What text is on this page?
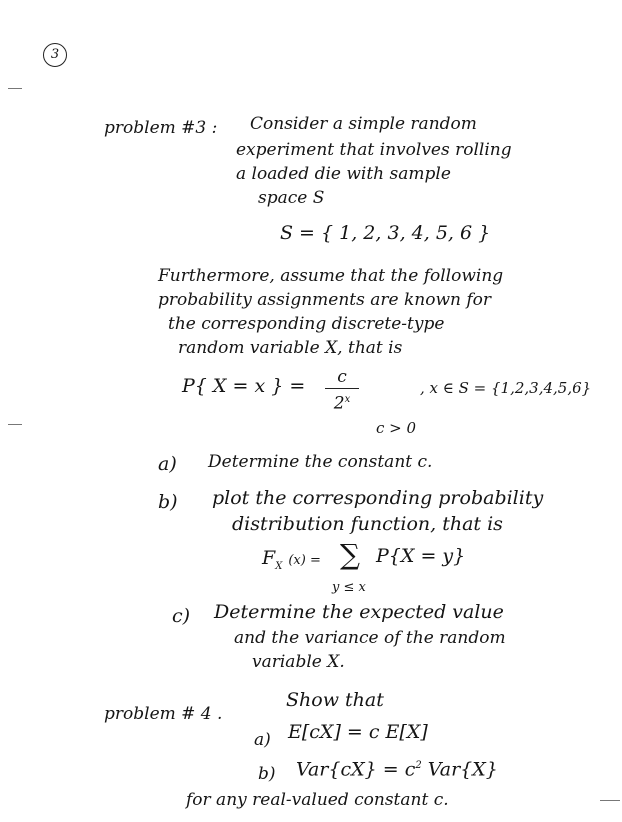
3
problem #3 : Consider a simple random
experiment that involves rolling
a loaded die with sample
space S
S = { 1, 2, 3, 4, 5, 6 }
Furthermore, assume that the following
probability assignments are known for
the corresponding discrete-type
random variable X, that is
P{ X = x } =	c
2$^x$
, x ∈ S = {1,2,3,4,5,6}
c > 0
a) Determine the constant c.
b) plot the corresponding probability
distribution function, that is
$F_X$ (x) = ∑ P{X = y}
y ≤ x
c) Determine the expected value
and the variance of the random
variable X.
problem # 4 .
Show that
a) E[cX] = c E[X]
b) $Var\{cX\} = c^2$ Var{X}
for any real-valued constant c.
